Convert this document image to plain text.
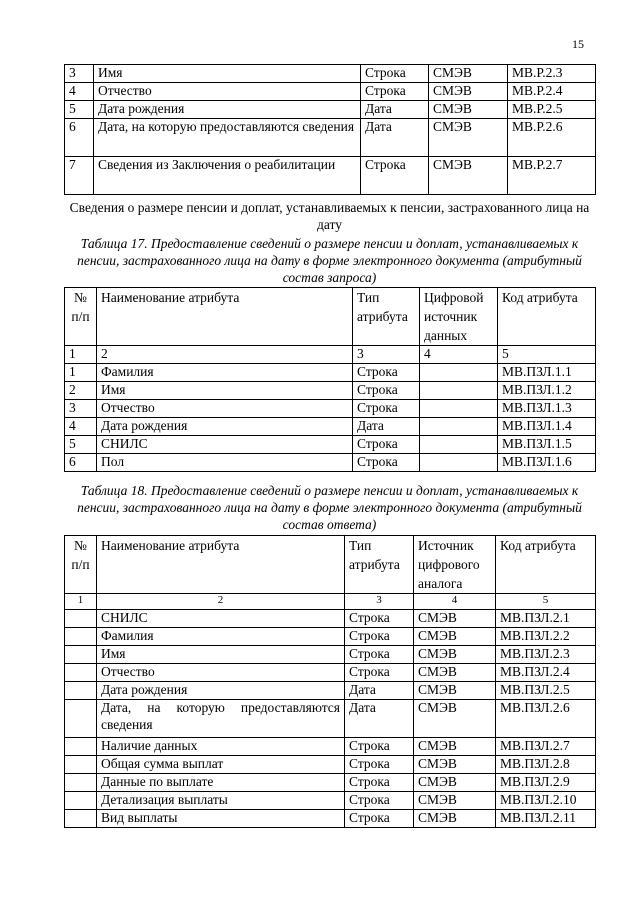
15
3	Имя	Строка	СМЭВ	МВ.Р.2.3
4	Отчество	Строка	СМЭВ	МВ.Р.2.4
5	Дата рождения	Дата	СМЭВ	МВ.Р.2.5
6	Дата, на которую предоставляются сведения	Дата	СМЭВ	МВ.Р.2.6
7	Сведения из Заключения о реабилитации	Строка	СМЭВ	МВ.Р.2.7
Сведения о размере пенсии и доплат, устанавливаемых к пенсии, застрахованного лица на дату
Таблица 17. Предоставление сведений о размере пенсии и доплат, устанавливаемых к пенсии, застрахованного лица на дату в форме электронного документа (атрибутный состав запроса)
№ п/п	Наименование атрибута	Тип атрибута	Цифровой источник данных	Код атрибута
1	2	3	4	5
1	Фамилия	Строка		МВ.ПЗЛ.1.1
2	Имя	Строка		МВ.ПЗЛ.1.2
3	Отчество	Строка		МВ.ПЗЛ.1.3
4	Дата рождения	Дата		МВ.ПЗЛ.1.4
5	СНИЛС	Строка		МВ.ПЗЛ.1.5
6	Пол	Строка		МВ.ПЗЛ.1.6
Таблица 18. Предоставление сведений о размере пенсии и доплат, устанавливаемых к пенсии, застрахованного лица на дату в форме электронного документа (атрибутный состав ответа)
№ п/п	Наименование атрибута	Тип атрибута	Источник цифрового аналога	Код атрибута
1	2	3	4	5
	СНИЛС	Строка	СМЭВ	МВ.ПЗЛ.2.1
	Фамилия	Строка	СМЭВ	МВ.ПЗЛ.2.2
	Имя	Строка	СМЭВ	МВ.ПЗЛ.2.3
	Отчество	Строка	СМЭВ	МВ.ПЗЛ.2.4
	Дата рождения	Дата	СМЭВ	МВ.ПЗЛ.2.5
	Дата, на которую предоставляются сведения	Дата	СМЭВ	МВ.ПЗЛ.2.6
	Наличие данных	Строка	СМЭВ	МВ.ПЗЛ.2.7
	Общая сумма выплат	Строка	СМЭВ	МВ.ПЗЛ.2.8
	Данные по выплате	Строка	СМЭВ	МВ.ПЗЛ.2.9
	Детализация выплаты	Строка	СМЭВ	МВ.ПЗЛ.2.10
	Вид выплаты	Строка	СМЭВ	МВ.ПЗЛ.2.11
